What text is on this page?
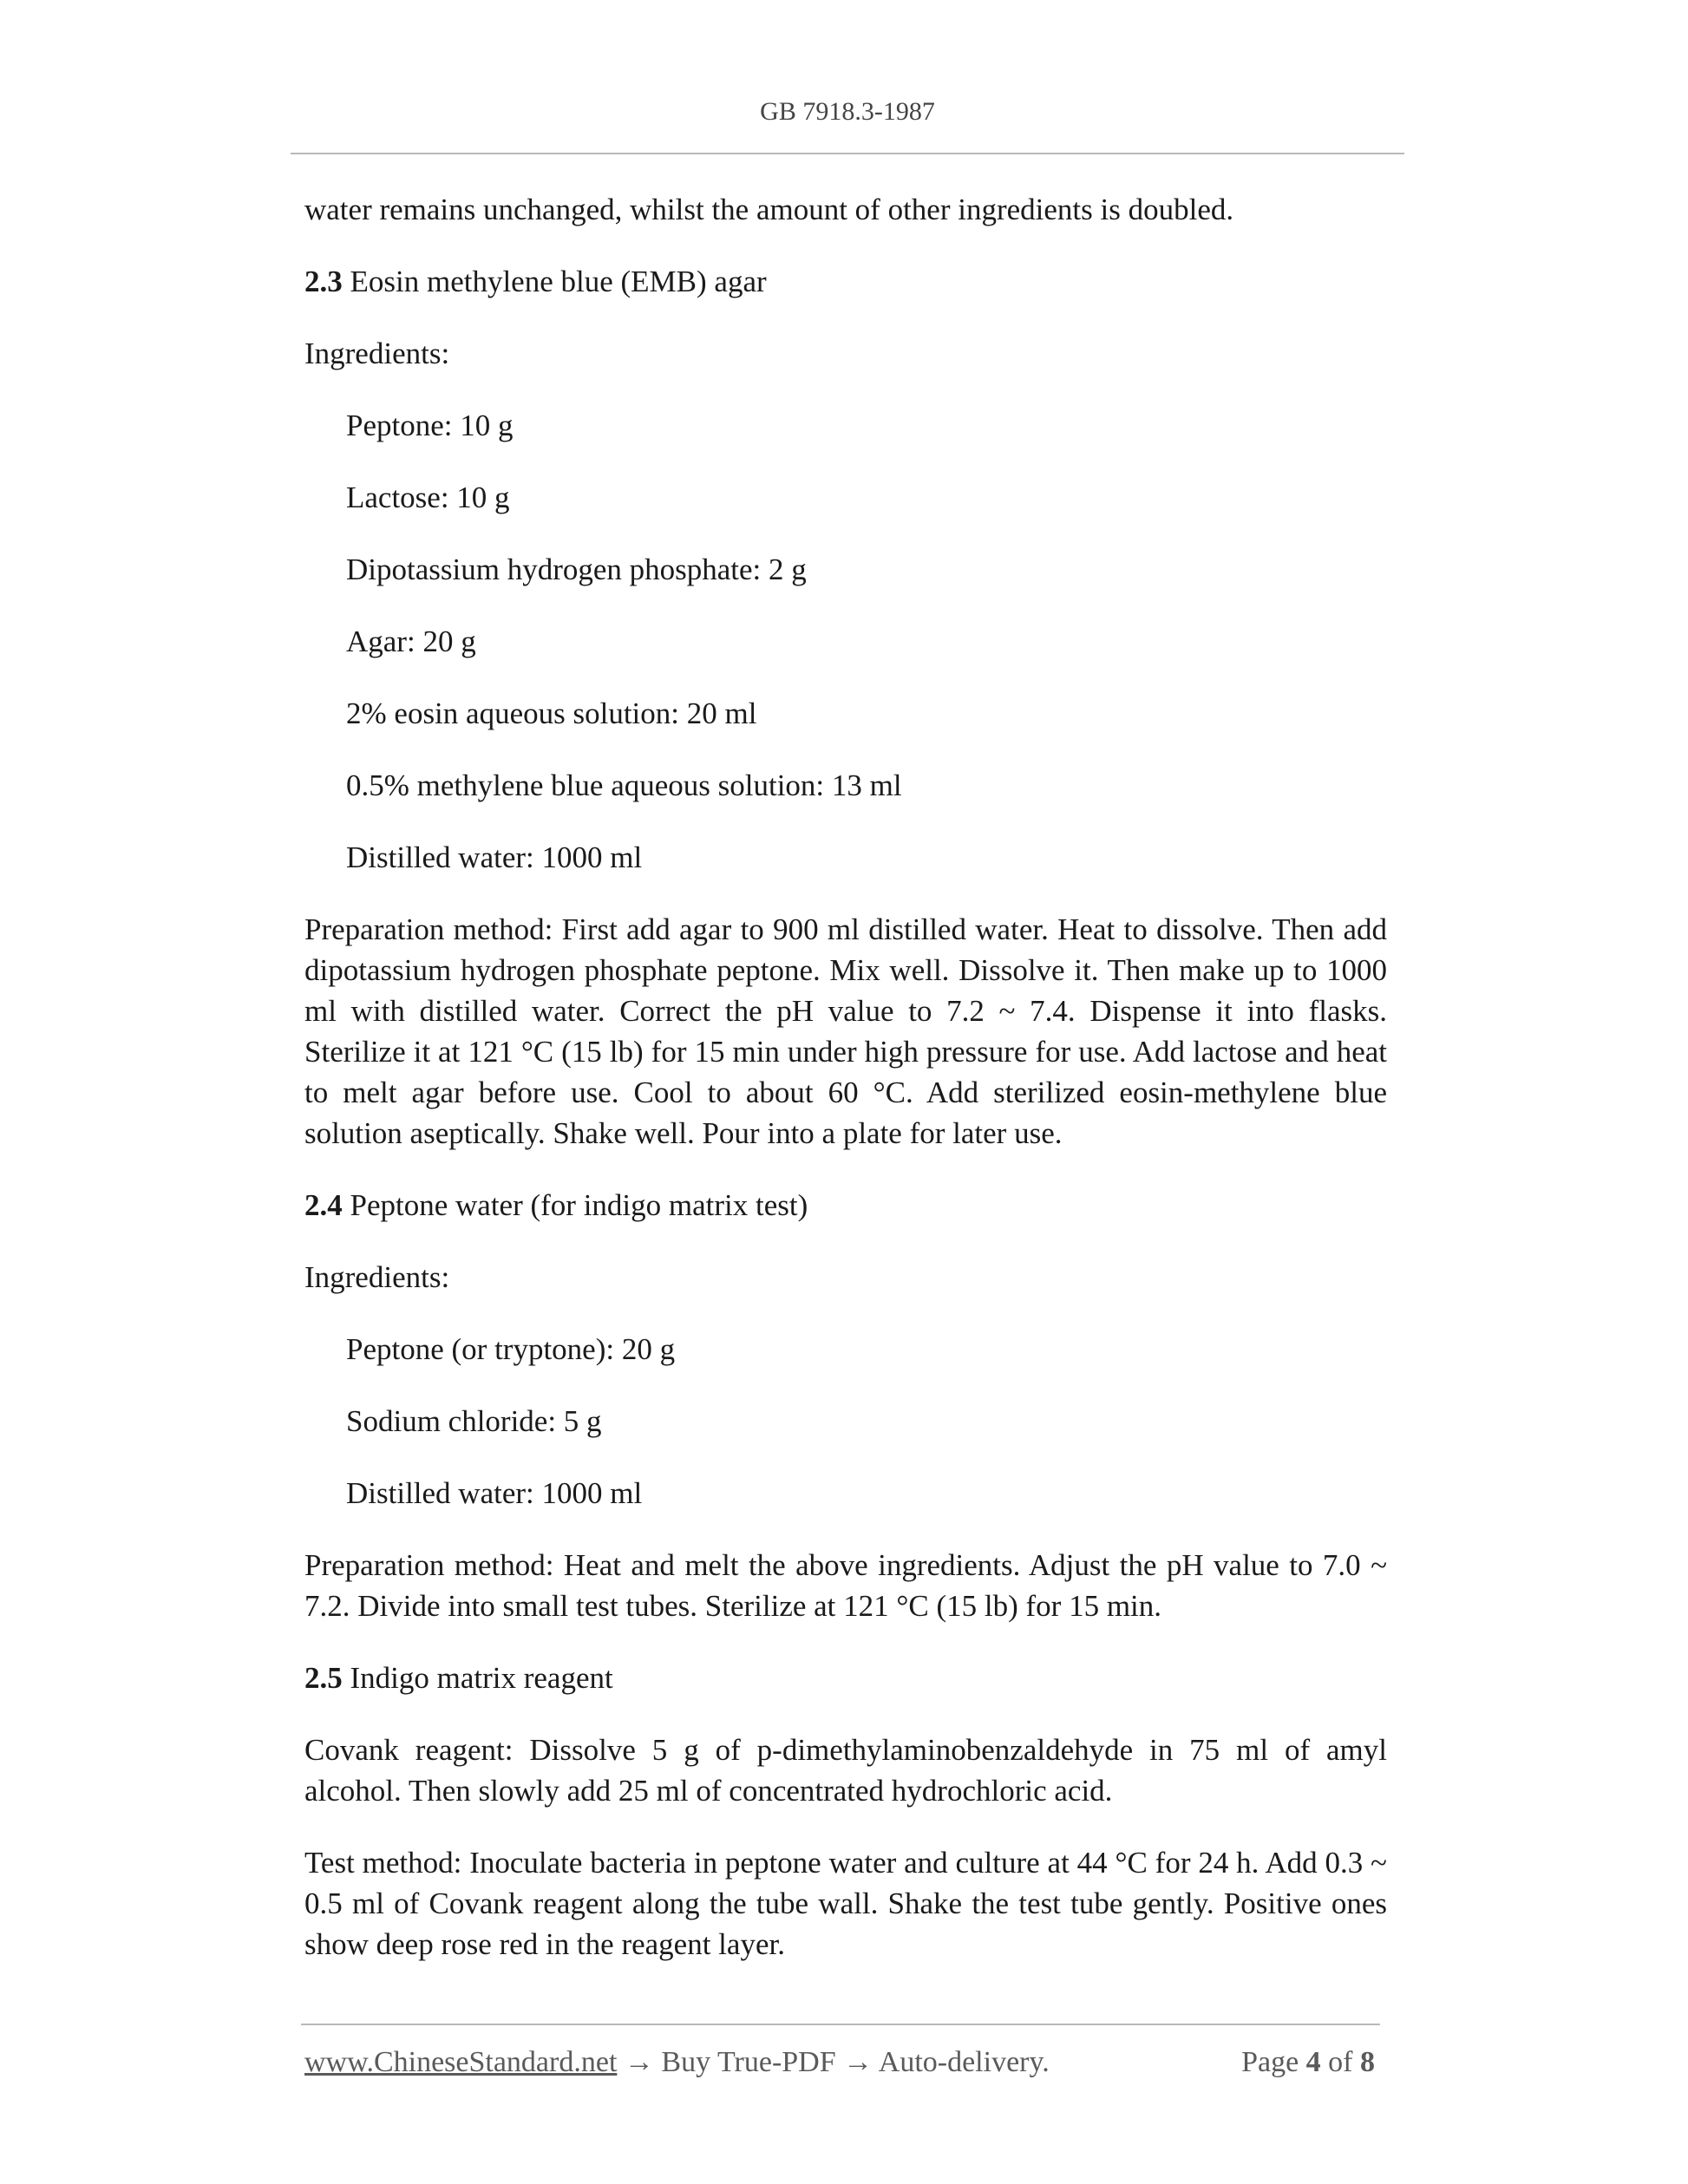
GB 7918.3-1987

water remains unchanged, whilst the amount of other ingredients is doubled.

2.3 Eosin methylene blue (EMB) agar

Ingredients:

Peptone: 10 g

Lactose: 10 g

Dipotassium hydrogen phosphate: 2 g

Agar: 20 g

2% eosin aqueous solution: 20 ml

0.5% methylene blue aqueous solution: 13 ml

Distilled water: 1000 ml

Preparation method: First add agar to 900 ml distilled water. Heat to dissolve. Then add dipotassium hydrogen phosphate peptone. Mix well. Dissolve it. Then make up to 1000 ml with distilled water. Correct the pH value to 7.2 ~ 7.4. Dispense it into flasks. Sterilize it at 121 °C (15 lb) for 15 min under high pressure for use. Add lactose and heat to melt agar before use. Cool to about 60 °C. Add sterilized eosin-methylene blue solution aseptically. Shake well. Pour into a plate for later use.

2.4 Peptone water (for indigo matrix test)

Ingredients:

Peptone (or tryptone): 20 g

Sodium chloride: 5 g

Distilled water: 1000 ml

Preparation method: Heat and melt the above ingredients. Adjust the pH value to 7.0 ~ 7.2. Divide into small test tubes. Sterilize at 121 °C (15 lb) for 15 min.

2.5 Indigo matrix reagent

Covank reagent: Dissolve 5 g of p-dimethylaminobenzaldehyde in 75 ml of amyl alcohol. Then slowly add 25 ml of concentrated hydrochloric acid.

Test method: Inoculate bacteria in peptone water and culture at 44 °C for 24 h. Add 0.3 ~ 0.5 ml of Covank reagent along the tube wall. Shake the test tube gently. Positive ones show deep rose red in the reagent layer.

www.ChineseStandard.net → Buy True-PDF → Auto-delivery.	Page 4 of 8
